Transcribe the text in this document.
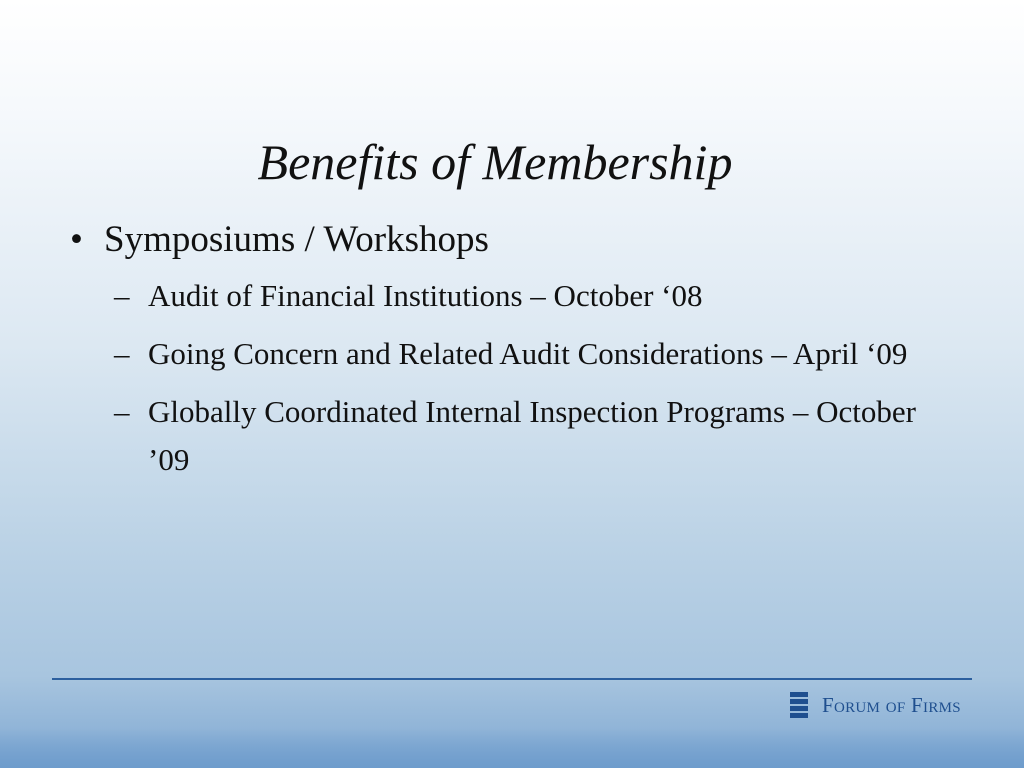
Benefits of Membership
• Symposiums / Workshops
– Audit of Financial Institutions – October ‘08
– Going Concern and Related Audit Considerations – April ‘09
– Globally Coordinated Internal Inspection Programs – October ’09
Forum of Firms
